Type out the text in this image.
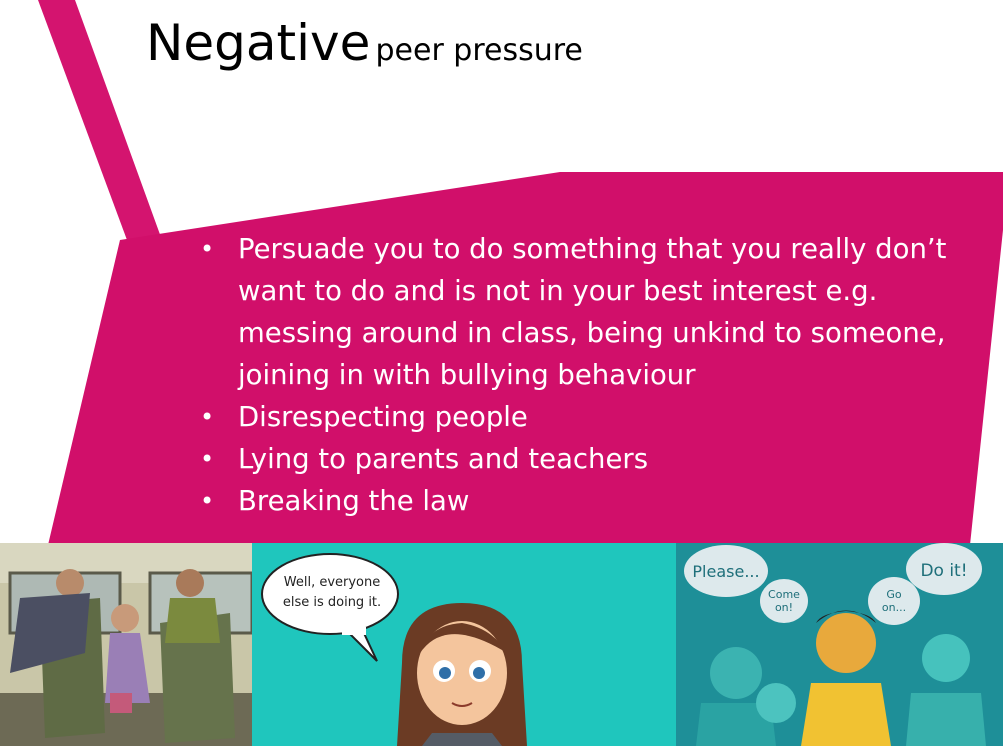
Negative peer pressure
• Persuade you to do something that you really don’t want to do and is not in your best interest e.g. messing around in class, being unkind to someone, joining in with bullying behaviour
• Disrespecting people
• Lying to parents and teachers
• Breaking the law
Well, everyone
else is doing it.
Please...
Come
on!
Go
on...
Do it!
